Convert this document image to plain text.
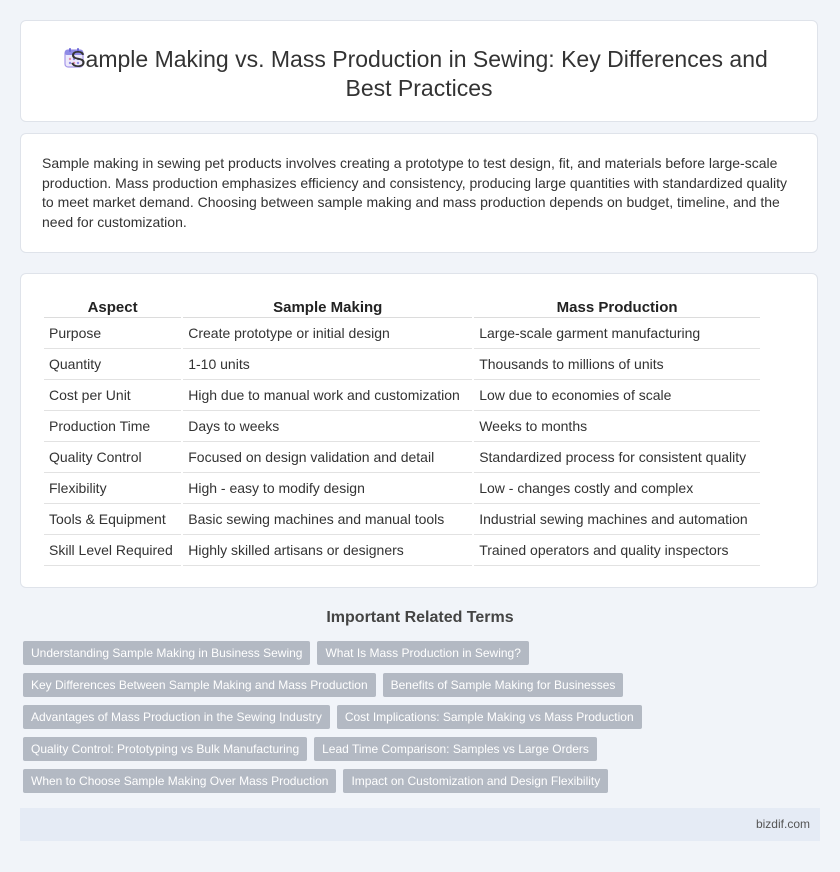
Sample Making vs. Mass Production in Sewing: Key Differences and Best Practices

Sample making in sewing pet products involves creating a prototype to test design, fit, and materials before large-scale production. Mass production emphasizes efficiency and consistency, producing large quantities with standardized quality to meet market demand. Choosing between sample making and mass production depends on budget, timeline, and the need for customization.

Aspect	Sample Making	Mass Production
Purpose	Create prototype or initial design	Large-scale garment manufacturing
Quantity	1-10 units	Thousands to millions of units
Cost per Unit	High due to manual work and customization	Low due to economies of scale
Production Time	Days to weeks	Weeks to months
Quality Control	Focused on design validation and detail	Standardized process for consistent quality
Flexibility	High - easy to modify design	Low - changes costly and complex
Tools & Equipment	Basic sewing machines and manual tools	Industrial sewing machines and automation
Skill Level Required	Highly skilled artisans or designers	Trained operators and quality inspectors
Important Related Terms
Understanding Sample Making in Business Sewing	What Is Mass Production in Sewing?
Key Differences Between Sample Making and Mass Production	Benefits of Sample Making for Businesses
Advantages of Mass Production in the Sewing Industry	Cost Implications: Sample Making vs Mass Production
Quality Control: Prototyping vs Bulk Manufacturing	Lead Time Comparison: Samples vs Large Orders
When to Choose Sample Making Over Mass Production	Impact on Customization and Design Flexibility
bizdif.com
